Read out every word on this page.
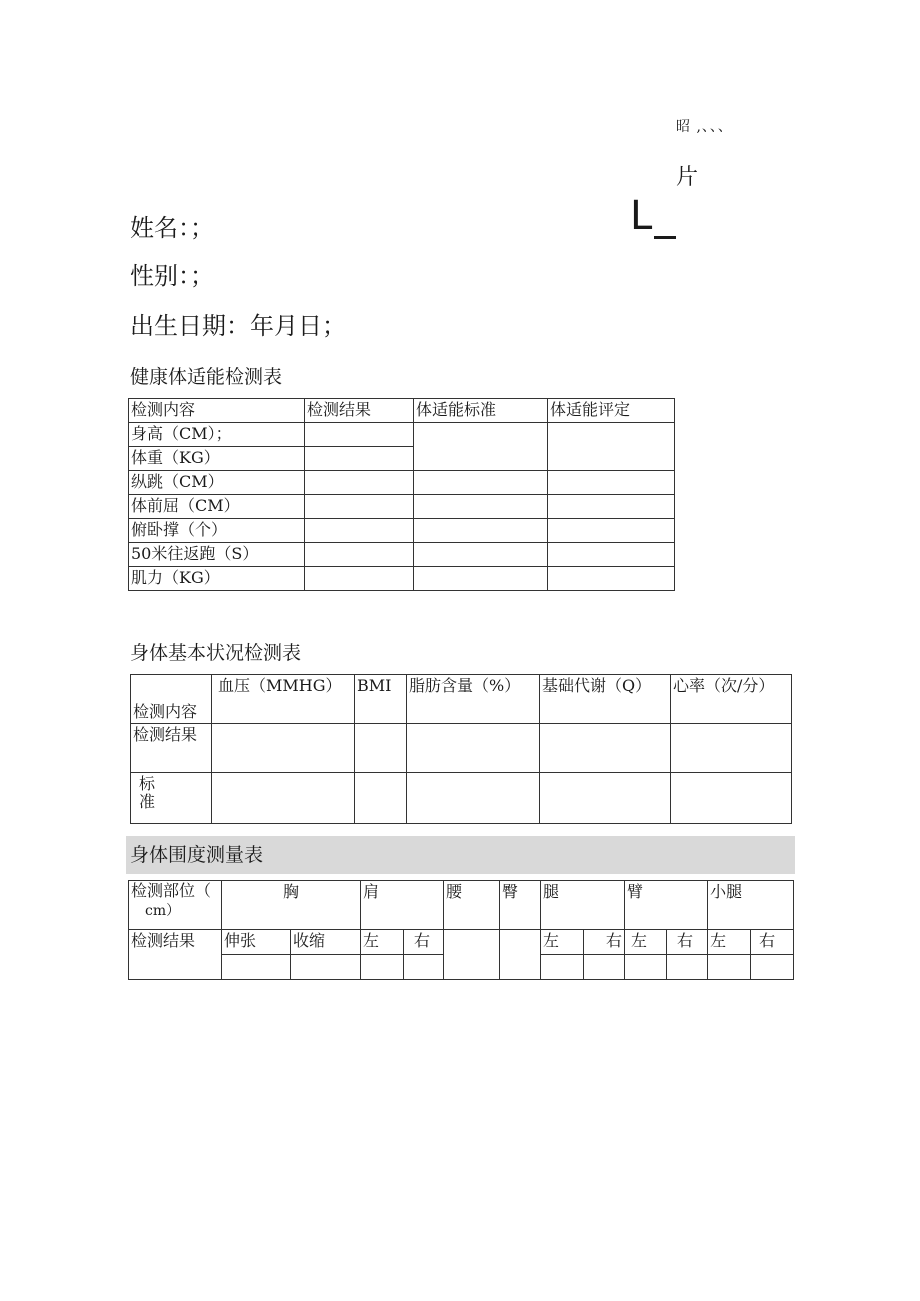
昭 ,、、、
片
L
姓名：；
性别：；
出生日期：年月日；
健康体适能检测表
检测内容	检测结果	体适能标准	体适能评定
身高（CM）；			
体重（KG）			
纵跳（CM）			
体前屈（CM）			
俯卧撑（个）			
50米往返跑（S）			
肌力（KG）			
身体基本状况检测表
检测内容	血压（MMHG）	BMI	脂肪含量（%）	基础代谢（Q）	心率（次/分）
检测结果					

标
准					

身体围度测量表
检测部位（
cm）	胸		肩		腰	臀	腿		臂		小腿	

检测结果	伸张	收缩	左	右			左	右	左	右	左	右
